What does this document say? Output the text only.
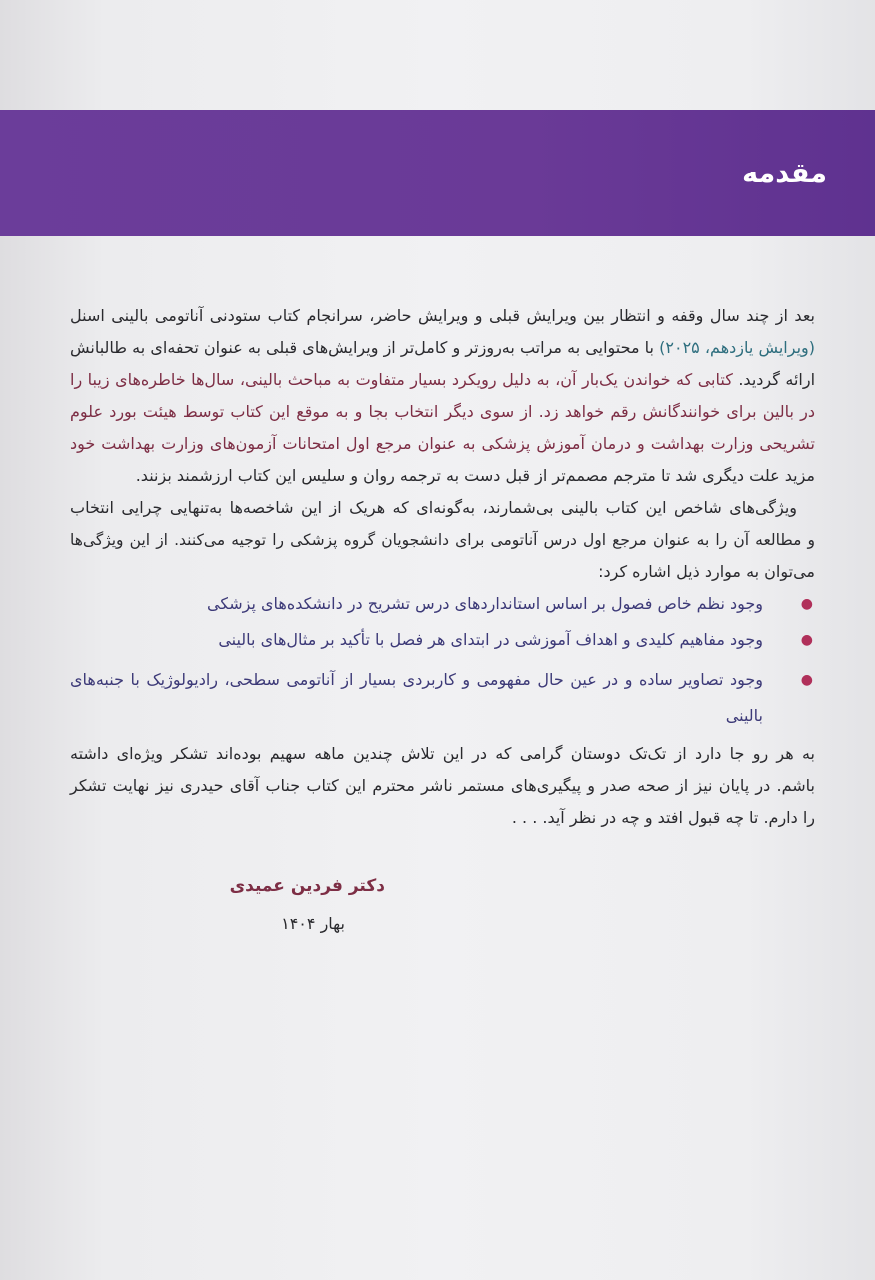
مقدمه
بعد از چند سال وقفه و انتظار بین ویرایش قبلی و ویرایش حاضر، سرانجام کتاب ستودنی آناتومی بالینی اسنل
(ویرایش یازدهم، ۲۰۲۵) با محتوایی به مراتب به‌روزتر و کامل‌تر از ویرایش‌های قبلی به عنوان تحفه‌ای به طالبانش
ارائه گردید. کتابی که خواندن یک‌بار آن، به دلیل رویکرد بسیار متفاوت به مباحث بالینی، سال‌ها خاطره‌های زیبا را
در بالین برای خوانندگانش رقم خواهد زد. از سوی دیگر انتخاب بجا و به موقع این کتاب توسط هیئت بورد علوم
تشریحی وزارت بهداشت و درمان آموزش پزشکی به عنوان مرجع اول امتحانات آزمون‌های وزارت بهداشت خود
مزید علت دیگری شد تا مترجم مصمم‌تر از قبل دست به ترجمه روان و سلیس این کتاب ارزشمند بزنند.
ویژگی‌های شاخص این کتاب بالینی بی‌شمارند، به‌گونه‌ای که هریک از این شاخصه‌ها به‌تنهایی چرایی انتخاب
و مطالعه آن را به عنوان مرجع اول درس آناتومی برای دانشجویان گروه پزشکی را توجیه می‌کنند. از این ویژگی‌ها
می‌توان به موارد ذیل اشاره کرد:
●
وجود نظم خاص فصول بر اساس استانداردهای درس تشریح در دانشکده‌های پزشکی
●
وجود مفاهیم کلیدی و اهداف آموزشی در ابتدای هر فصل با تأکید بر مثال‌های بالینی
●
وجود تصاویر ساده و در عین حال مفهومی و کاربردی بسیار از آناتومی سطحی، رادیولوژیک با جنبه‌های بالینی
به هر رو جا دارد از تک‌تک دوستان گرامی که در این تلاش چندین ماهه سهیم بوده‌اند تشکر ویژه‌ای داشته
باشم. در پایان نیز از صحه صدر و پیگیری‌های مستمر ناشر محترم این کتاب جناب آقای حیدری نیز نهایت تشکر
را دارم. تا چه قبول افتد و چه در نظر آید. . . .
دکتر فردین عمیدی
بهار ۱۴۰۴
